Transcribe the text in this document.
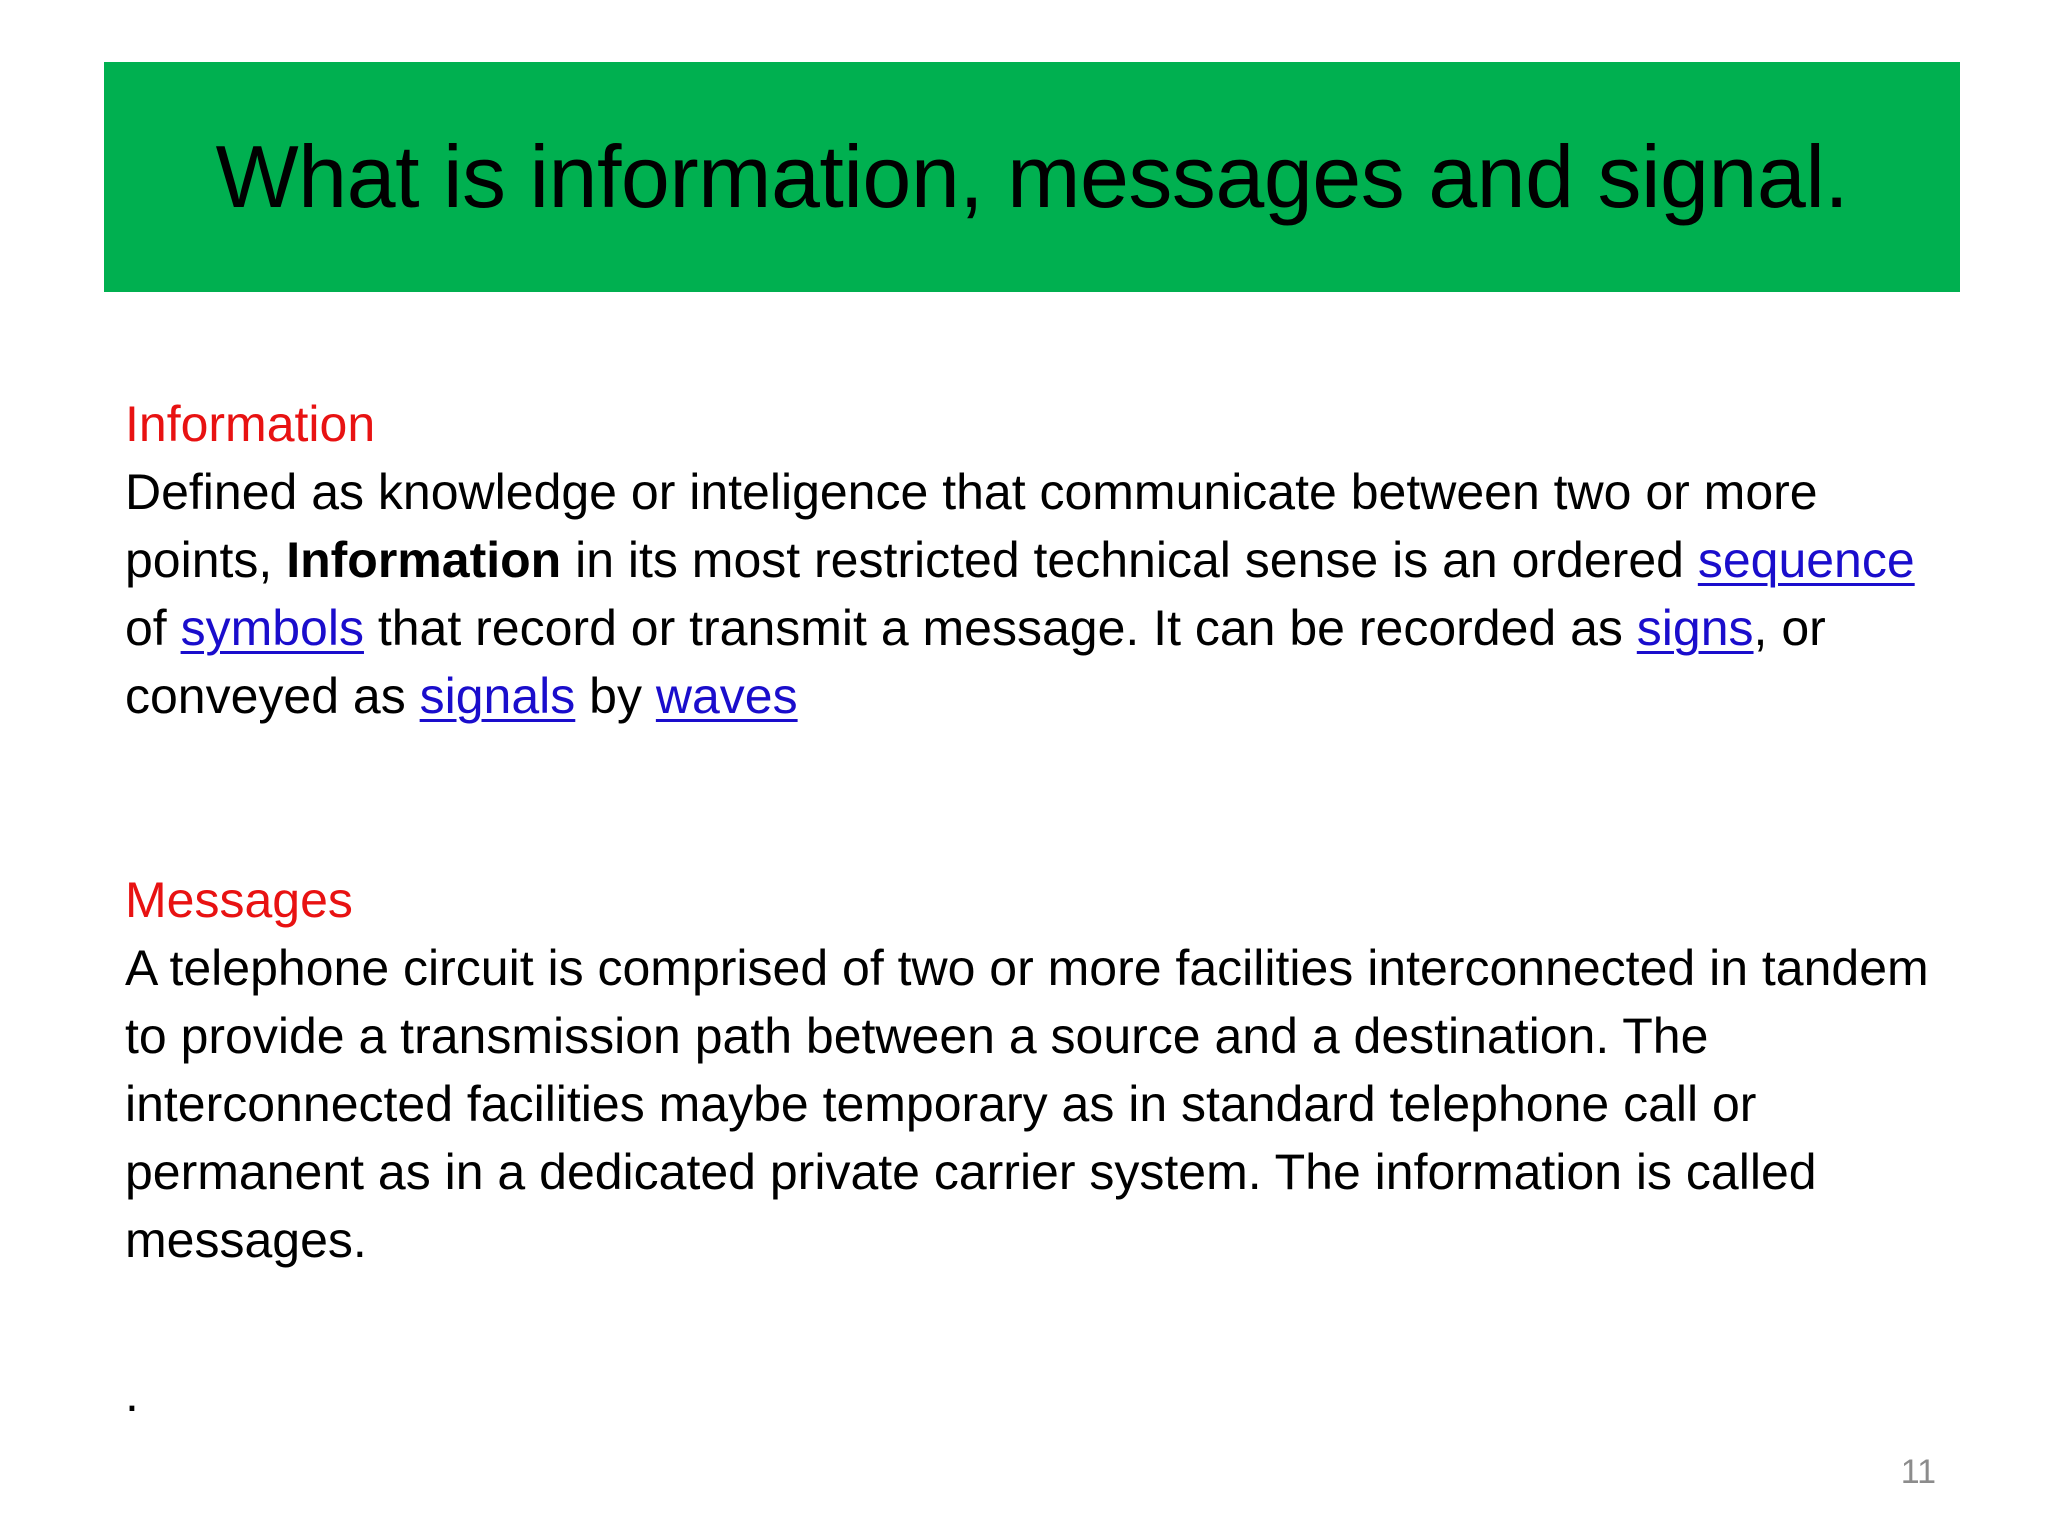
What is information, messages and signal.

Information

Defined as knowledge or inteligence that communicate between two or more points, Information in its most restricted technical sense is an ordered sequence of symbols that record or transmit a message. It can be recorded as signs, or conveyed as signals by waves

Messages

A telephone circuit is comprised of two or more facilities interconnected in tandem to provide a transmission path between a source and a destination. The interconnected facilities maybe temporary as in standard telephone call or permanent as in a dedicated private carrier system. The information is called messages.

.
11
